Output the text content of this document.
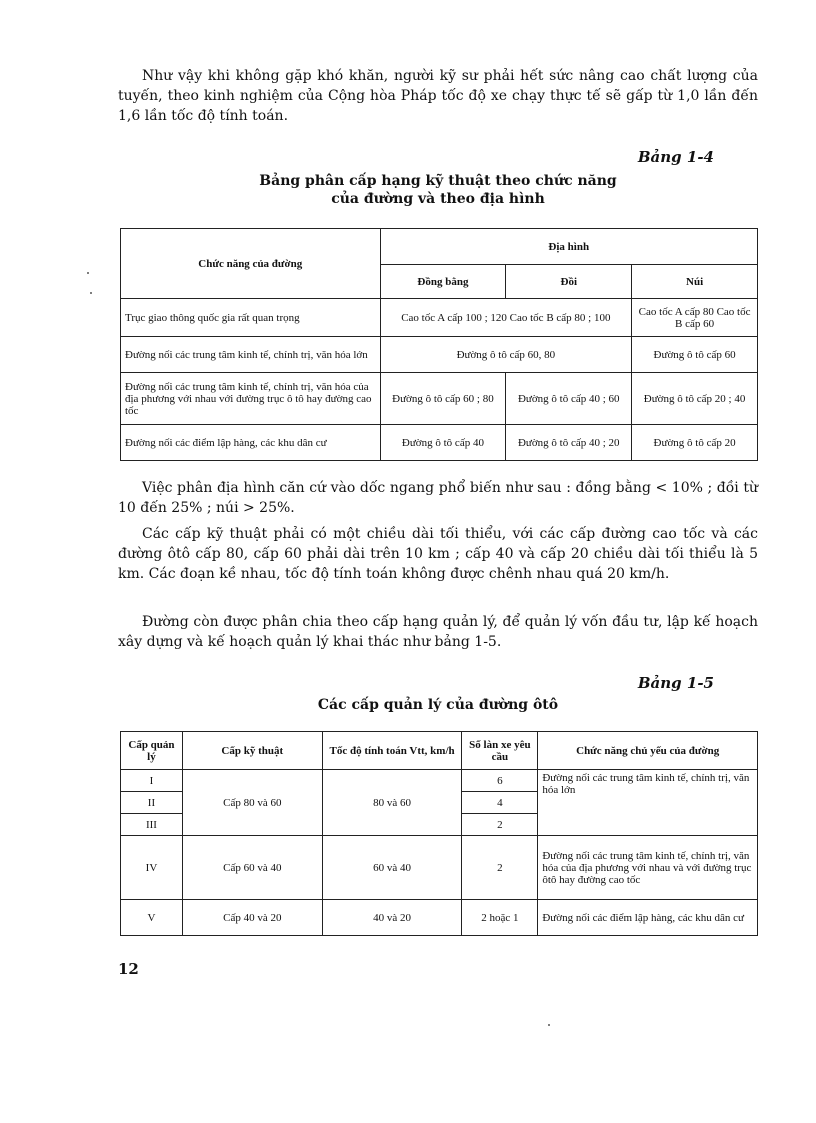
Như vậy khi không gặp khó khăn, người kỹ sư phải hết sức nâng cao chất lượng của tuyến, theo kinh nghiệm của Cộng hòa Pháp tốc độ xe chạy thực tế sẽ gấp từ 1,0 lần đến 1,6 lần tốc độ tính toán.

Bảng 1-4

Bảng phân cấp hạng kỹ thuật theo chức năng

của đường và theo địa hình

Chức năng của đường	Địa hình		
	Đồng bằng	Đồi	Núi
Trục giao thông quốc gia rất quan trọng	Cao tốc A cấp 100 ; 120 Cao tốc B cấp 80 ; 100		Cao tốc A cấp 80 Cao tốc B cấp 60
Đường nối các trung tâm kinh tế, chính trị, văn hóa lớn	Đường ô tô cấp 60, 80		Đường ô tô cấp 60
Đường nối các trung tâm kinh tế, chính trị, văn hóa của địa phương với nhau với đường trục ô tô hay đường cao tốc	Đường ô tô cấp 60 ; 80	Đường ô tô cấp 40 ; 60	Đường ô tô cấp 20 ; 40
Đường nối các điểm lập hàng, các khu dân cư	Đường ô tô cấp 40	Đường ô tô cấp 40 ; 20	Đường ô tô cấp 20

Việc phân địa hình căn cứ vào dốc ngang phổ biến như sau : đồng bằng < 10% ; đồi từ 10 đến 25% ; núi > 25%.

Các cấp kỹ thuật phải có một chiều dài tối thiểu, với các cấp đường cao tốc và các đường ôtô cấp 80, cấp 60 phải dài trên 10 km ; cấp 40 và cấp 20 chiều dài tối thiểu là 5 km. Các đoạn kề nhau, tốc độ tính toán không được chênh nhau quá 20 km/h.

Đường còn được phân chia theo cấp hạng quản lý, để quản lý vốn đầu tư, lập kế hoạch xây dựng và kế hoạch quản lý khai thác như bảng 1-5.

Bảng 1-5

Các cấp quản lý của đường ôtô

Cấp quản lý	Cấp kỹ thuật	Tốc độ tính toán Vtt, km/h	Số làn xe yêu cầu	Chức năng chủ yếu của đường
I	Cấp 80 và 60	80 và 60	6	Đường nối các trung tâm kinh tế, chính trị, văn hóa lớn
II			4	
III			2	
IV	Cấp 60 và 40	60 và 40	2	Đường nối các trung tâm kinh tế, chính trị, văn hóa của địa phương với nhau và với đường trục ôtô hay đường cao tốc
V	Cấp 40 và 20	40 và 20	2 hoặc 1	Đường nối các điểm lập hàng, các khu dân cư

12
